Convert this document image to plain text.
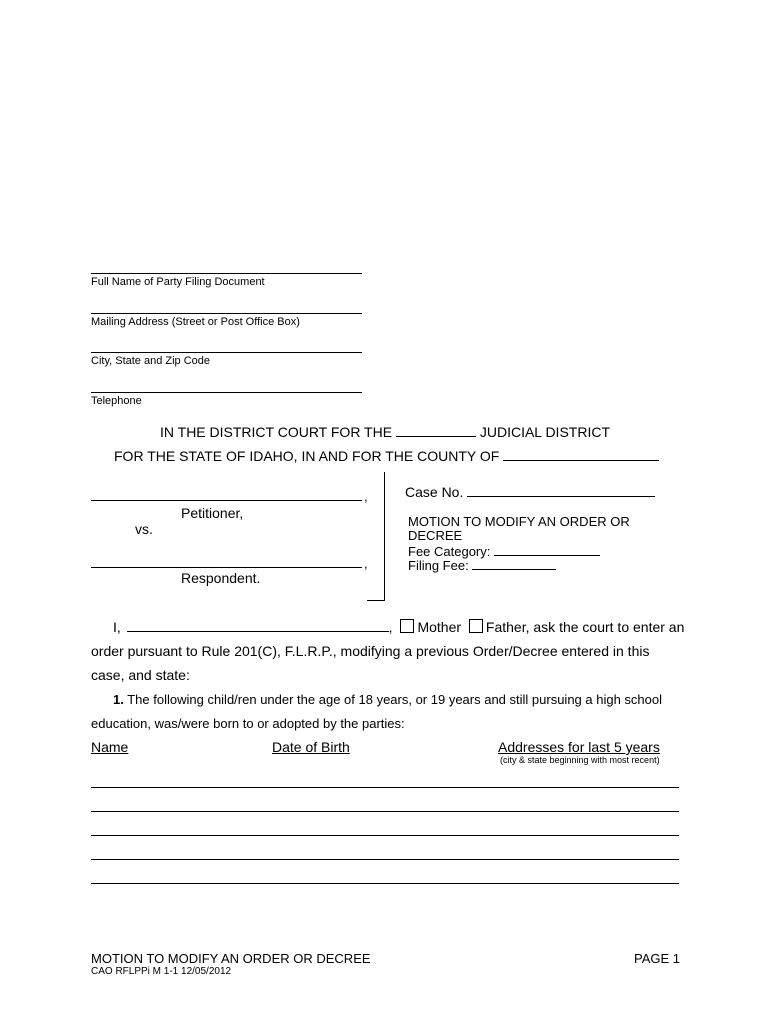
Full Name of Party Filing Document
Mailing Address (Street or Post Office Box)
City, State and Zip Code
Telephone
IN THE DISTRICT COURT FOR THE	JUDICIAL DISTRICT
FOR THE STATE OF IDAHO, IN AND FOR THE COUNTY OF
,
Petitioner,
vs.
,
Respondent.
Case No.
MOTION TO MODIFY AN ORDER OR
DECREE
Fee Category:
Filing Fee:
I,	, Mother Father, ask the court to enter an
order pursuant to Rule 201(C), F.L.R.P., modifying a previous Order/Decree entered in this
case, and state:
1. The following child/ren under the age of 18 years, or 19 years and still pursuing a high school
education, was/were born to or adopted by the parties:
Name	Date of Birth	Addresses for last 5 years
(city & state beginning with most recent)
MOTION TO MODIFY AN ORDER OR DECREE	PAGE 1
CAO RFLPPi M 1-1 12/05/2012
